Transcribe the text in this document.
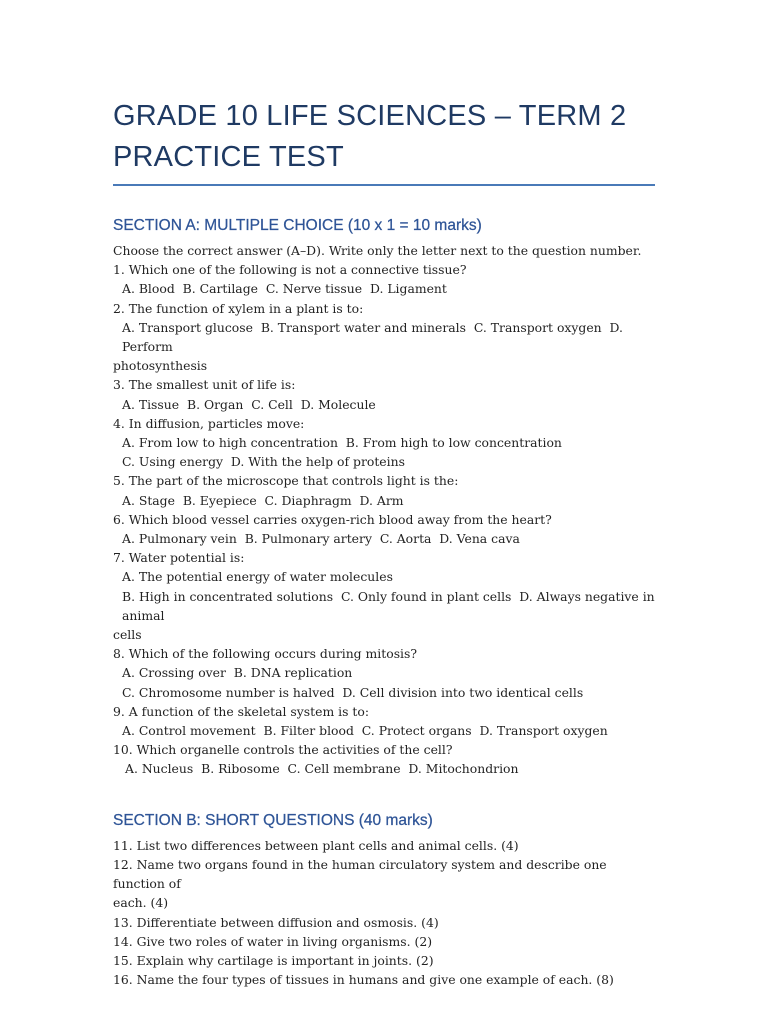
GRADE 10 LIFE SCIENCES – TERM 2
PRACTICE TEST
SECTION A: MULTIPLE CHOICE (10 x 1 = 10 marks)

Choose the correct answer (A–D). Write only the letter next to the question number.

1. Which one of the following is not a connective tissue?

A. Blood  B. Cartilage  C. Nerve tissue  D. Ligament

2. The function of xylem in a plant is to:

A. Transport glucose  B. Transport water and minerals  C. Transport oxygen  D. Perform

photosynthesis

3. The smallest unit of life is:

A. Tissue  B. Organ  C. Cell  D. Molecule

4. In diffusion, particles move:

A. From low to high concentration  B. From high to low concentration

C. Using energy  D. With the help of proteins

5. The part of the microscope that controls light is the:

A. Stage  B. Eyepiece  C. Diaphragm  D. Arm

6. Which blood vessel carries oxygen-rich blood away from the heart?

A. Pulmonary vein  B. Pulmonary artery  C. Aorta  D. Vena cava

7. Water potential is:

A. The potential energy of water molecules

B. High in concentrated solutions  C. Only found in plant cells  D. Always negative in animal

cells

8. Which of the following occurs during mitosis?

A. Crossing over  B. DNA replication

C. Chromosome number is halved  D. Cell division into two identical cells

9. A function of the skeletal system is to:

A. Control movement  B. Filter blood  C. Protect organs  D. Transport oxygen

10. Which organelle controls the activities of the cell?

A. Nucleus  B. Ribosome  C. Cell membrane  D. Mitochondrion

SECTION B: SHORT QUESTIONS (40 marks)

11. List two differences between plant cells and animal cells. (4)

12. Name two organs found in the human circulatory system and describe one function of

each. (4)

13. Differentiate between diffusion and osmosis. (4)

14. Give two roles of water in living organisms. (2)

15. Explain why cartilage is important in joints. (2)

16. Name the four types of tissues in humans and give one example of each. (8)
